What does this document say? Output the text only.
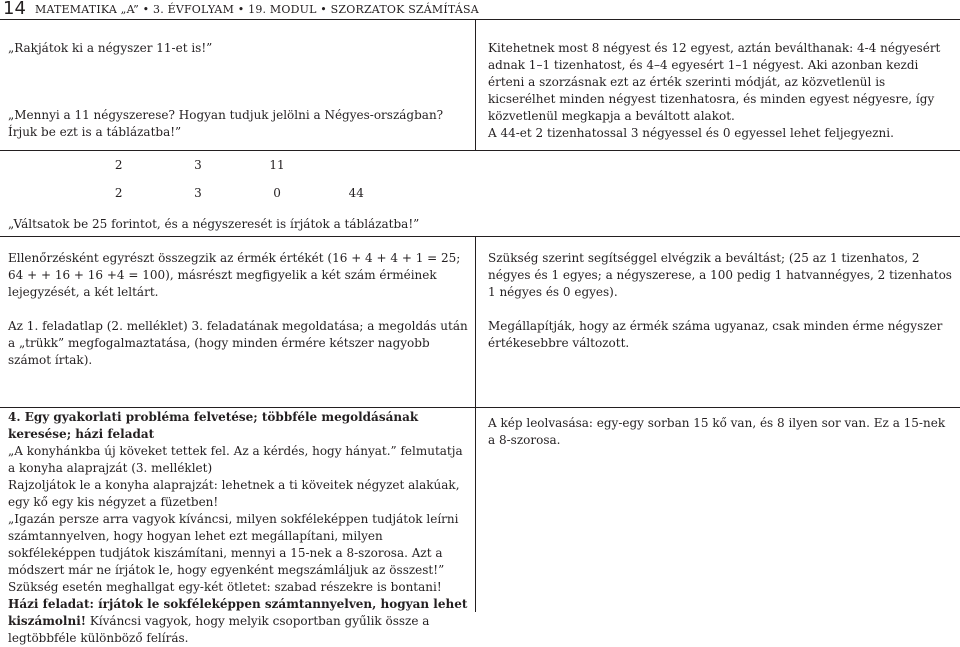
14 MATEMATIKA „A” • 3. ÉVFOLYAM • 19. MODUL • SZORZATOK SZÁMÍTÁSA

„Rakjátok ki a négyszer 11-et is!”

„Mennyi a 11 négyszerese? Hogyan tudjuk jelölni a Négyes-országban? Írjuk be ezt is a táblázatba!”

Kitehetnek most 8 négyest és 12 egyest, aztán beválthanak: 4-4 négyesért adnak 1–1 tizenhatost, és 4–4 egyesért 1–1 négyest. Aki azonban kezdi érteni a szorzásnak ezt az érték szerinti módját, az közvetlenül is kicserélhet minden négyest tizenhatosra, és minden egyest négyesre, így közvetlenül megkapja a beváltott alakot.

A 44-et 2 tizenhatossal 3 négyessel és 0 egyessel lehet feljegyezni.

	2	3	11		
	2	3	0	44	

„Váltsatok be 25 forintot, és a négyszeresét is írjátok a táblázatba!”

Ellenőrzésként egyrészt összegzik az érmék értékét (16 + 4 + 4 + 1 = 25; 64 + + 16 + 16 +4 = 100), másrészt megfigyelik a két szám érméinek lejegyzését, a két leltárt.

Az 1. feladatlap (2. melléklet) 3. feladatának megoldatása; a megoldás után a „trükk” megfogalmaztatása, (hogy minden érmére kétszer nagyobb számot írtak).

Szükség szerint segítséggel elvégzik a beváltást; (25 az 1 tizenhatos, 2 négyes és 1 egyes; a négyszerese, a 100 pedig 1 hatvannégyes, 2 tizenhatos 1 négyes és 0 egyes).

Megállapítják, hogy az érmék száma ugyanaz, csak minden érme négyszer értékesebbre változott.

4. Egy gyakorlati probléma felvetése; többféle megoldásának keresése; házi feladat

„A konyhánkba új köveket tettek fel. Az a kérdés, hogy hányat.” felmutatja a konyha alaprajzát (3. melléklet)

Rajzoljátok le a konyha alaprajzát: lehetnek a ti köveitek négyzet alakúak, egy kő egy kis négyzet a füzetben!

„Igazán persze arra vagyok kíváncsi, milyen sokféleképpen tudjátok leírni számtannyelven, hogy hogyan lehet ezt megállapítani, milyen sokféleképpen tudjátok kiszámítani, mennyi a 15-nek a 8-szorosa. Azt a módszert már ne írjátok le, hogy egyenként megszámláljuk az összest!”

Szükség esetén meghallgat egy-két ötletet: szabad részekre is bontani!

Házi feladat: írjátok le sokféleképpen számtannyelven, hogyan lehet kiszámolni! Kíváncsi vagyok, hogy melyik csoportban gyűlik össze a legtöbbféle különböző felírás.

A kép leolvasása: egy-egy sorban 15 kő van, és 8 ilyen sor van. Ez a 15-nek a 8-szorosa.
